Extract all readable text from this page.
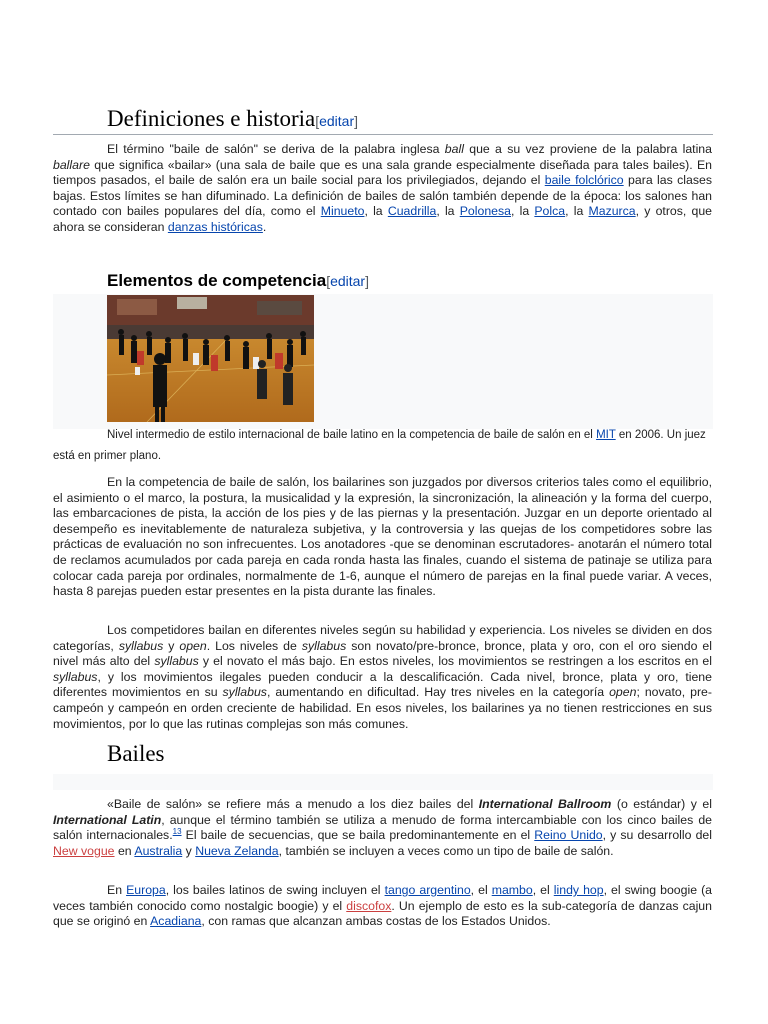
Definiciones e historia[editar]

El término "baile de salón" se deriva de la palabra inglesa ball que a su vez proviene de la palabra latina ballare que significa «bailar» (una sala de baile que es una sala grande especialmente diseñada para tales bailes). En tiempos pasados, el baile de salón era un baile social para los privilegiados, dejando el baile folclórico para las clases bajas. Estos límites se han difuminado. La definición de bailes de salón también depende de la época: los salones han contado con bailes populares del día, como el Minueto, la Cuadrilla, la Polonesa, la Polca, la Mazurca, y otros, que ahora se consideran danzas históricas.

Elementos de competencia[editar]

Nivel intermedio de estilo internacional de baile latino en la competencia de baile de salón en el MIT en 2006. Un juez está en primer plano.

En la competencia de baile de salón, los bailarines son juzgados por diversos criterios tales como el equilibrio, el asimiento o el marco, la postura, la musicalidad y la expresión, la sincronización, la alineación y la forma del cuerpo, las embarcaciones de pista, la acción de los pies y de las piernas y la presentación. Juzgar en un deporte orientado al desempeño es inevitablemente de naturaleza subjetiva, y la controversia y las quejas de los competidores sobre las prácticas de evaluación no son infrecuentes. Los anotadores -que se denominan escrutadores- anotarán el número total de reclamos acumulados por cada pareja en cada ronda hasta las finales, cuando el sistema de patinaje se utiliza para colocar cada pareja por ordinales, normalmente de 1-6, aunque el número de parejas en la final puede variar. A veces, hasta 8 parejas pueden estar presentes en la pista durante las finales.

Los competidores bailan en diferentes niveles según su habilidad y experiencia. Los niveles se dividen en dos categorías, syllabus y open. Los niveles de syllabus son novato/pre-bronce, bronce, plata y oro, con el oro siendo el nivel más alto del syllabus y el novato el más bajo. En estos niveles, los movimientos se restringen a los escritos en el syllabus, y los movimientos ilegales pueden conducir a la descalificación. Cada nivel, bronce, plata y oro, tiene diferentes movimientos en su syllabus, aumentando en dificultad. Hay tres niveles en la categoría open; novato, pre-campeón y campeón en orden creciente de habilidad. En esos niveles, los bailarines ya no tienen restricciones en sus movimientos, por lo que las rutinas complejas son más comunes.

Bailes

«Baile de salón» se refiere más a menudo a los diez bailes del International Ballroom (o estándar) y el International Latin, aunque el término también se utiliza a menudo de forma intercambiable con los cinco bailes de salón internacionales.$^{13}$ El baile de secuencias, que se baila predominantemente en el Reino Unido, y su desarrollo del New vogue en Australia y Nueva Zelanda, también se incluyen a veces como un tipo de baile de salón.

En Europa, los bailes latinos de swing incluyen el tango argentino, el mambo, el lindy hop, el swing boogie (a veces también conocido como nostalgic boogie) y el discofox. Un ejemplo de esto es la sub-categoría de danzas cajun que se originó en Acadiana, con ramas que alcanzan ambas costas de los Estados Unidos.
